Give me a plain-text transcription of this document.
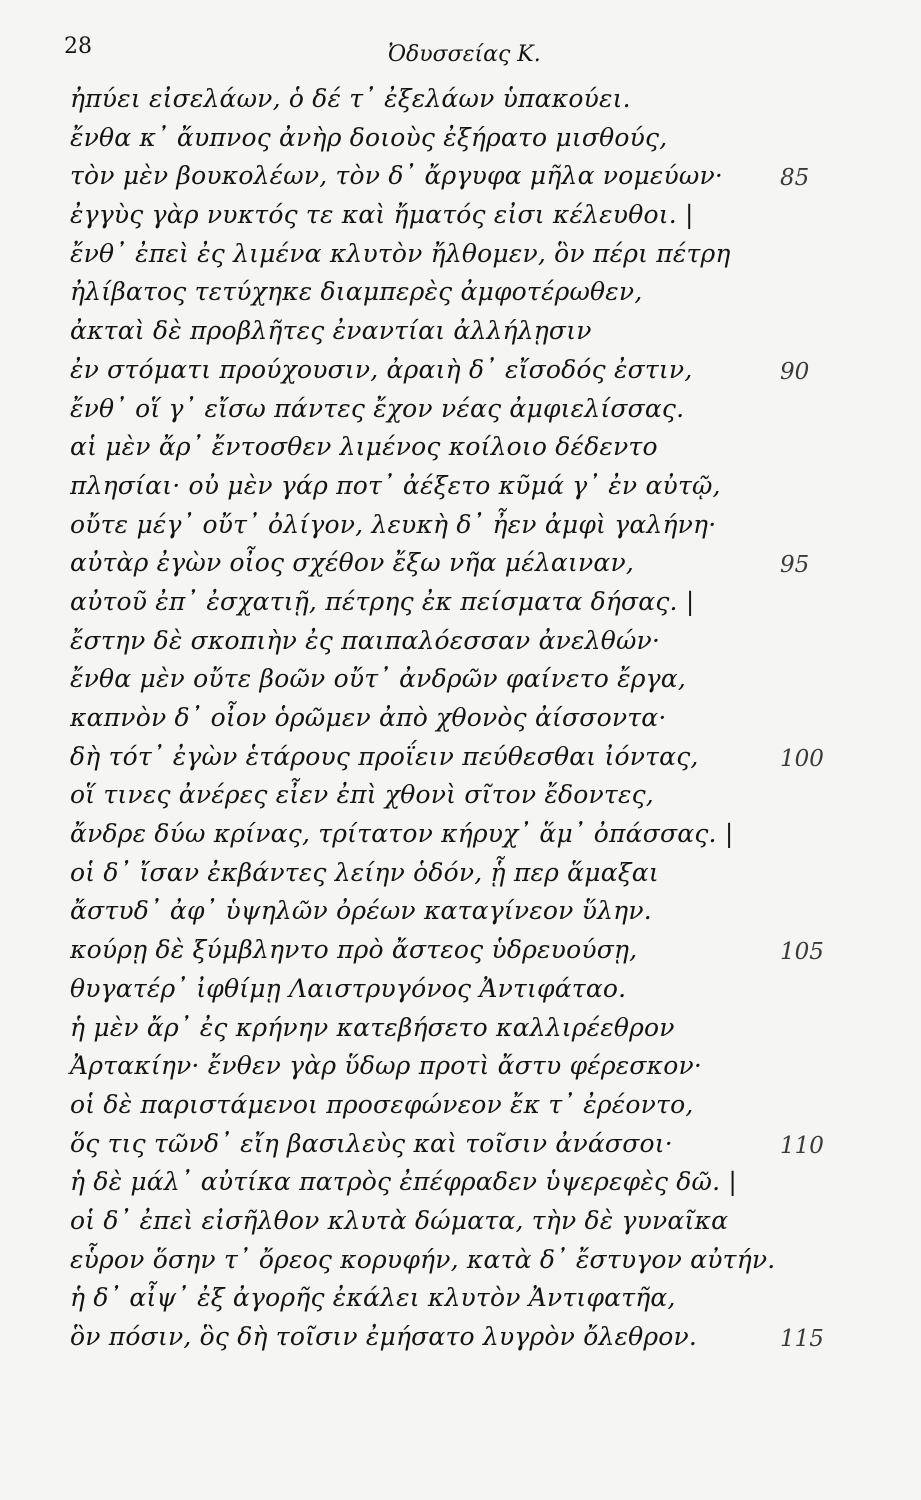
28	Ὀδυσσείας Κ.
ἠπύει εἰσελάων, ὁ δέ τ᾽ ἐξελάων ὑπακούει.
ἔνθα κ᾽ ἄυπνος ἀνὴρ δοιοὺς ἐξήρατο μισθούς,
τὸν μὲν βουκολέων, τὸν δ᾽ ἄργυφα μῆλα νομεύων· 85
ἐγγὺς γὰρ νυκτός τε καὶ ἤματός εἰσι κέλευθοι. |
ἔνθ᾽ ἐπεὶ ἐς λιμένα κλυτὸν ἤλθομεν, ὃν πέρι πέτρη
ἠλίβατος τετύχηκε διαμπερὲς ἀμφοτέρωθεν,
ἀκταὶ δὲ προβλῆτες ἐναντίαι ἀλλήλῃσιν
ἐν στόματι προύχουσιν, ἀραιὴ δ᾽ εἴσοδός ἐστιν,	90
ἔνθ᾽ οἵ γ᾽ εἴσω πάντες ἔχον νέας ἀμφιελίσσας.
αἱ μὲν ἄρ᾽ ἔντοσθεν λιμένος κοίλοιο δέδεντο
πλησίαι· οὐ μὲν γάρ ποτ᾽ ἀέξετο κῦμά γ᾽ ἐν αὐτῷ,
οὔτε μέγ᾽ οὔτ᾽ ὀλίγον, λευκὴ δ᾽ ἦεν ἀμφὶ γαλήνη·
αὐτὰρ ἐγὼν οἶος σχέθον ἔξω νῆα μέλαιναν,	95
αὐτοῦ ἐπ᾽ ἐσχατιῇ, πέτρης ἐκ πείσματα δήσας. |
ἔστην δὲ σκοπιὴν ἐς παιπαλόεσσαν ἀνελθών·
ἔνθα μὲν οὔτε βοῶν οὔτ᾽ ἀνδρῶν φαίνετο ἔργα,
καπνὸν δ᾽ οἶον ὁρῶμεν ἀπὸ χθονὸς ἀίσσοντα·
δὴ τότ᾽ ἐγὼν ἑτάρους προΐειν πεύθεσθαι ἰόντας,	100
οἵ τινες ἀνέρες εἶεν ἐπὶ χθονὶ σῖτον ἔδοντες,
ἄνδρε δύω κρίνας, τρίτατον κήρυχ᾽ ἅμ᾽ ὀπάσσας. |
οἱ δ᾽ ἴσαν ἐκβάντες λείην ὁδόν, ᾗ περ ἅμαξαι
ἄστυδ᾽ ἀφ᾽ ὑψηλῶν ὀρέων καταγίνεον ὕλην.
κούρῃ δὲ ξύμβληντο πρὸ ἄστεος ὑδρευούσῃ,	105
θυγατέρ᾽ ἰφθίμῃ Λαιστρυγόνος Ἀντιφάταο.
ἡ μὲν ἄρ᾽ ἐς κρήνην κατεβήσετο καλλιρέεθρον
Ἀρτακίην· ἔνθεν γὰρ ὕδωρ προτὶ ἄστυ φέρεσκον·
οἱ δὲ παριστάμενοι προσεφώνεον ἔκ τ᾽ ἐρέοντο,
ὅς τις τῶνδ᾽ εἴη βασιλεὺς καὶ τοῖσιν ἀνάσσοι·	110
ἡ δὲ μάλ᾽ αὐτίκα πατρὸς ἐπέφραδεν ὑψερεφὲς δῶ. |
οἱ δ᾽ ἐπεὶ εἰσῆλθον κλυτὰ δώματα, τὴν δὲ γυναῖκα
εὗρον ὅσην τ᾽ ὄρεος κορυφήν, κατὰ δ᾽ ἔστυγον αὐτήν.
ἡ δ᾽ αἶψ᾽ ἐξ ἀγορῆς ἐκάλει κλυτὸν Ἀντιφατῆα,
ὃν πόσιν, ὃς δὴ τοῖσιν ἐμήσατο λυγρὸν ὄλεθρον.	115
